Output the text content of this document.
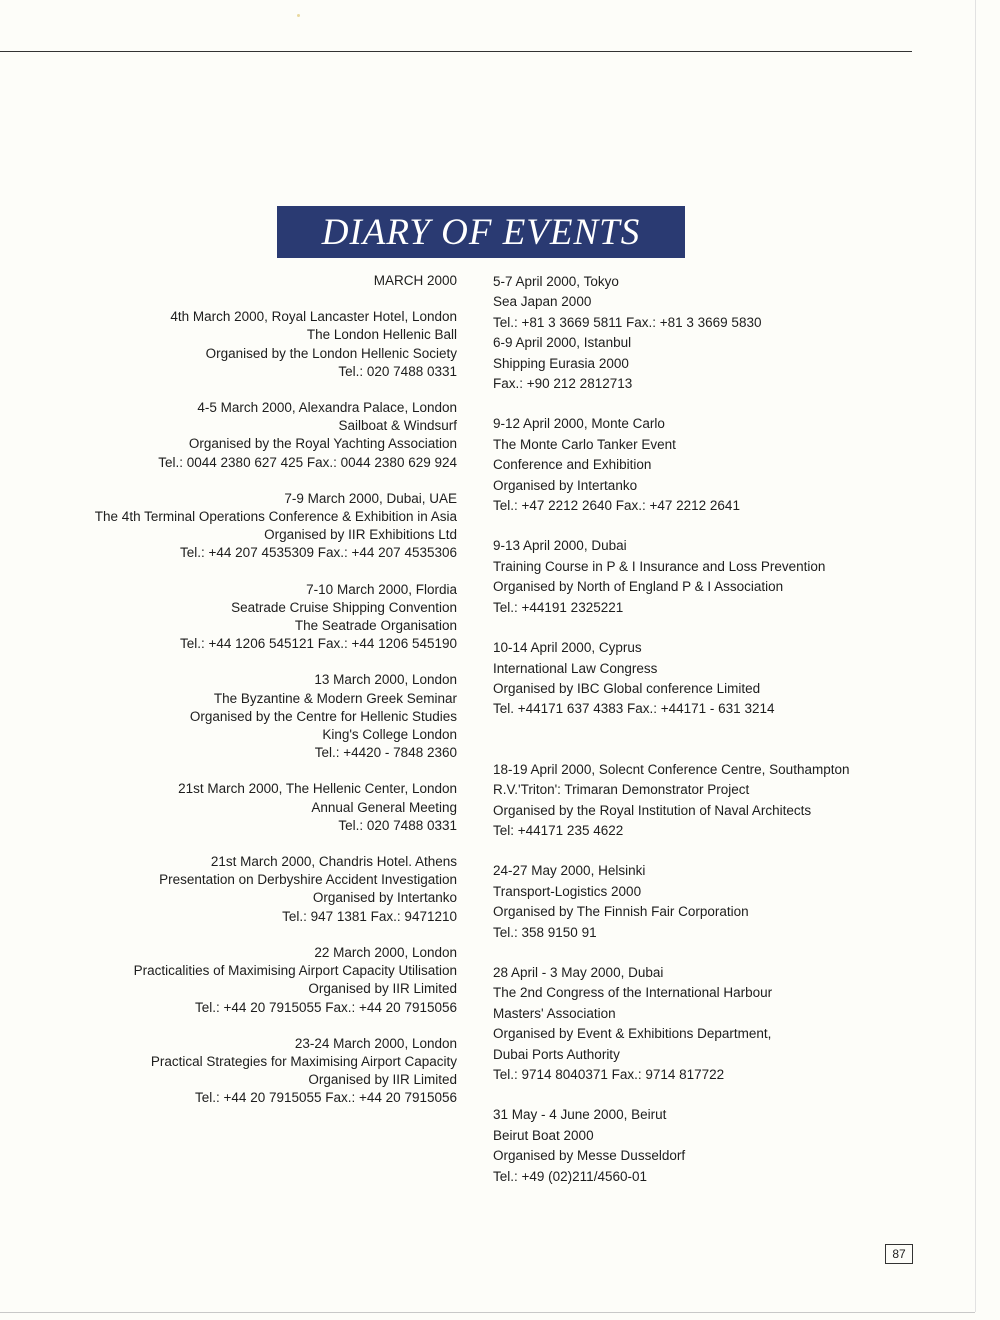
DIARY OF EVENTS
MARCH 2000
4th March 2000, Royal Lancaster Hotel, London
The London Hellenic Ball
Organised by the London Hellenic Society
Tel.: 020 7488 0331
4-5 March 2000, Alexandra Palace, London
Sailboat & Windsurf
Organised by the Royal Yachting Association
Tel.: 0044 2380 627 425 Fax.: 0044 2380 629 924
7-9 March 2000, Dubai, UAE
The 4th Terminal Operations Conference & Exhibition in Asia
Organised by IIR Exhibitions Ltd
Tel.: +44 207 4535309 Fax.: +44 207 4535306
7-10 March 2000, Flordia
Seatrade Cruise Shipping Convention
The Seatrade Organisation
Tel.: +44 1206 545121 Fax.: +44 1206 545190
13 March 2000, London
The Byzantine & Modern Greek Seminar
Organised by the Centre for Hellenic Studies
King's College London
Tel.: +4420 - 7848 2360
21st March 2000, The Hellenic Center, London
Annual General Meeting
Tel.: 020 7488 0331
21st March 2000, Chandris Hotel. Athens
Presentation on Derbyshire Accident Investigation
Organised by Intertanko
Tel.: 947 1381 Fax.: 9471210
22 March 2000, London
Practicalities of Maximising Airport Capacity Utilisation
Organised by IIR Limited
Tel.: +44 20 7915055 Fax.: +44 20 7915056
23-24 March 2000, London
Practical Strategies for Maximising Airport Capacity
Organised by IIR Limited
Tel.: +44 20 7915055 Fax.: +44 20 7915056
5-7 April 2000, Tokyo
Sea Japan 2000
Tel.: +81 3 3669 5811 Fax.: +81 3 3669 5830
6-9 April 2000, Istanbul
Shipping Eurasia 2000
Fax.: +90 212 2812713
9-12 April 2000, Monte Carlo
The Monte Carlo Tanker Event
Conference and Exhibition
Organised by Intertanko
Tel.: +47 2212 2640 Fax.: +47 2212 2641
9-13 April 2000, Dubai
Training Course in P & I Insurance and Loss Prevention
Organised by North of England P & I Association
Tel.: +44191 2325221
10-14 April 2000, Cyprus
International Law Congress
Organised by IBC Global conference Limited
Tel. +44171 637 4383 Fax.: +44171 - 631 3214
18-19 April 2000, Solecnt Conference Centre, Southampton
R.V.'Triton': Trimaran Demonstrator Project
Organised by the Royal Institution of Naval Architects
Tel: +44171 235 4622
24-27 May 2000, Helsinki
Transport-Logistics 2000
Organised by The Finnish Fair Corporation
Tel.: 358 9150 91
28 April - 3 May 2000, Dubai
The 2nd Congress of the International Harbour
Masters' Association
Organised by Event & Exhibitions Department,
Dubai Ports Authority
Tel.: 9714 8040371 Fax.: 9714 817722
31 May - 4 June 2000, Beirut
Beirut Boat 2000
Organised by Messe Dusseldorf
Tel.: +49 (02)211/4560-01
87
